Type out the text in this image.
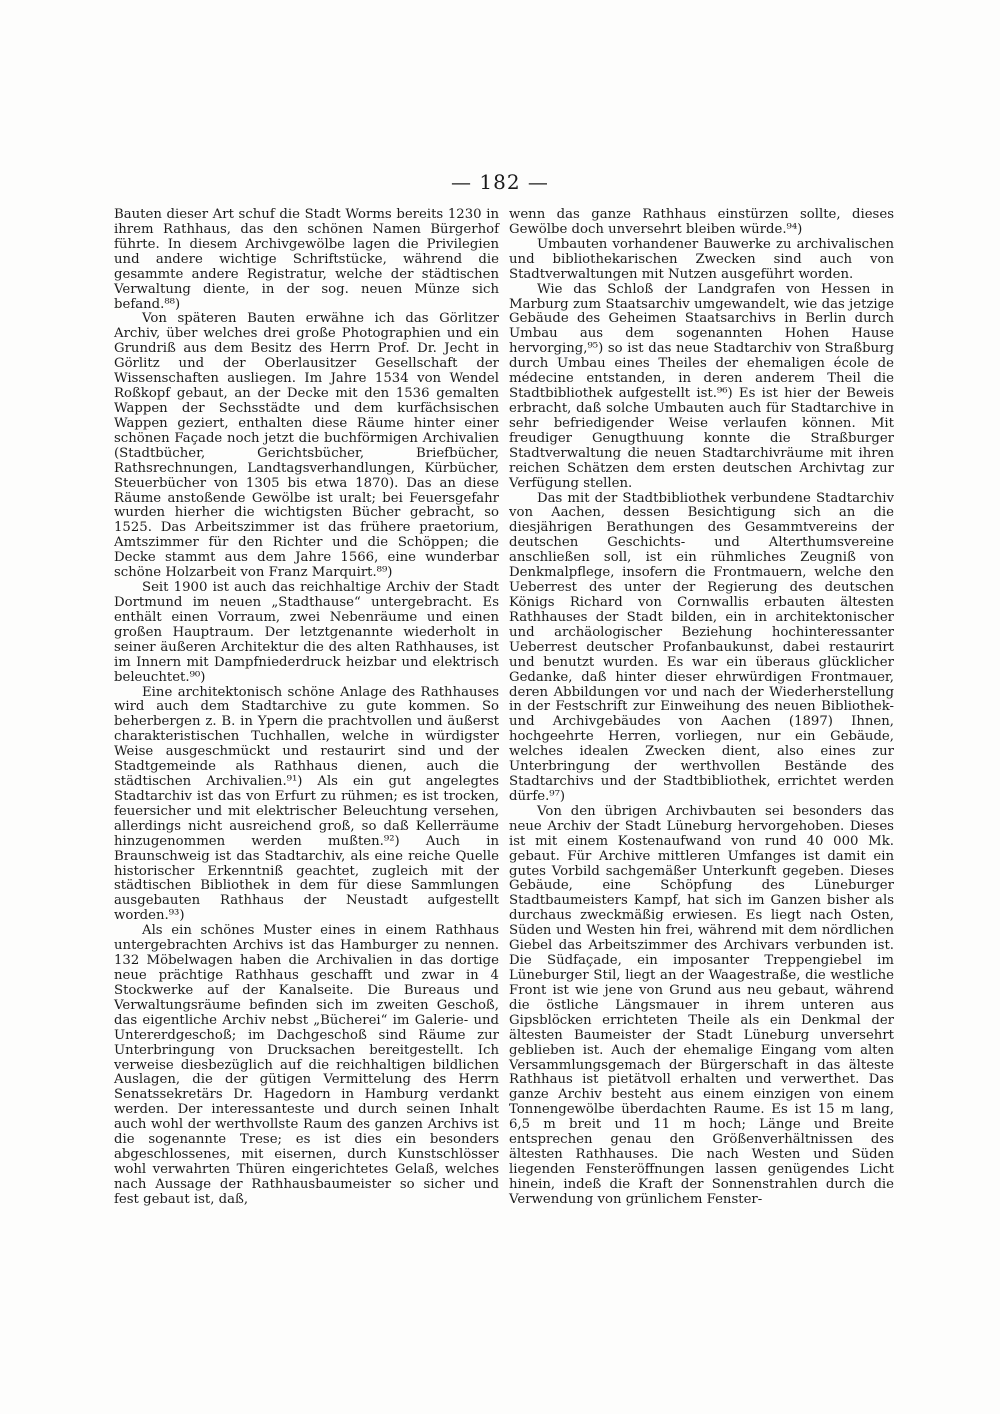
— 182 —

Bauten dieser Art schuf die Stadt Worms bereits 1230 in ihrem Rathhaus, das den schönen Namen Bürgerhof führte. In diesem Archivgewölbe lagen die Privilegien und andere wichtige Schriftstücke, während die gesammte andere Registratur, welche der städtischen Verwaltung diente, in der sog. neuen Münze sich befand.⁸⁸)

Von späteren Bauten erwähne ich das Görlitzer Archiv, über welches drei große Photographien und ein Grundriß aus dem Besitz des Herrn Prof. Dr. Jecht in Görlitz und der Oberlausitzer Gesellschaft der Wissenschaften ausliegen. Im Jahre 1534 von Wendel Roßkopf gebaut, an der Decke mit den 1536 gemalten Wappen der Sechsstädte und dem kurfächsischen Wappen geziert, enthalten diese Räume hinter einer schönen Façade noch jetzt die buchförmigen Archivalien (Stadtbücher, Gerichtsbücher, Briefbücher, Rathsrechnungen, Landtagsverhandlungen, Kürbücher, Steuerbücher von 1305 bis etwa 1870). Das an diese Räume anstoßende Gewölbe ist uralt; bei Feuersgefahr wurden hierher die wichtigsten Bücher gebracht, so 1525. Das Arbeitszimmer ist das frühere praetorium, Amtszimmer für den Richter und die Schöppen; die Decke stammt aus dem Jahre 1566, eine wunderbar schöne Holzarbeit von Franz Marquirt.⁸⁹)

Seit 1900 ist auch das reichhaltige Archiv der Stadt Dortmund im neuen „Stadthause“ untergebracht. Es enthält einen Vorraum, zwei Nebenräume und einen großen Hauptraum. Der letztgenannte wiederholt in seiner äußeren Architektur die des alten Rathhauses, ist im Innern mit Dampfniederdruck heizbar und elektrisch beleuchtet.⁹⁰)

Eine architektonisch schöne Anlage des Rathhauses wird auch dem Stadtarchive zu gute kommen. So beherbergen z. B. in Ypern die prachtvollen und äußerst charakteristischen Tuchhallen, welche in würdigster Weise ausgeschmückt und restaurirt sind und der Stadtgemeinde als Rathhaus dienen, auch die städtischen Archivalien.⁹¹) Als ein gut angelegtes Stadtarchiv ist das von Erfurt zu rühmen; es ist trocken, feuersicher und mit elektrischer Beleuchtung versehen, allerdings nicht ausreichend groß, so daß Kellerräume hinzugenommen werden mußten.⁹²) Auch in Braunschweig ist das Stadtarchiv, als eine reiche Quelle historischer Erkenntniß geachtet, zugleich mit der städtischen Bibliothek in dem für diese Sammlungen ausgebauten Rathhaus der Neustadt aufgestellt worden.⁹³)

Als ein schönes Muster eines in einem Rathhaus untergebrachten Archivs ist das Hamburger zu nennen. 132 Möbelwagen haben die Archivalien in das dortige neue prächtige Rathhaus geschafft und zwar in 4 Stockwerke auf der Kanalseite. Die Bureaus und Verwaltungsräume befinden sich im zweiten Geschoß, das eigentliche Archiv nebst „Bücherei“ im Galerie- und Untererdgeschoß; im Dachgeschoß sind Räume zur Unterbringung von Drucksachen bereitgestellt. Ich verweise diesbezüglich auf die reichhaltigen bildlichen Auslagen, die der gütigen Vermittelung des Herrn Senatssekretärs Dr. Hagedorn in Hamburg verdankt werden. Der interessanteste und durch seinen Inhalt auch wohl der werthvollste Raum des ganzen Archivs ist die sogenannte Trese; es ist dies ein besonders abgeschlossenes, mit eisernen, durch Kunstschlösser wohl verwahrten Thüren eingerichtetes Gelaß, welches nach Aussage der Rathhausbaumeister so sicher und fest gebaut ist, daß,

wenn das ganze Rathhaus einstürzen sollte, dieses Gewölbe doch unversehrt bleiben würde.⁹⁴)

Umbauten vorhandener Bauwerke zu archivalischen und bibliothekarischen Zwecken sind auch von Stadtverwaltungen mit Nutzen ausgeführt worden.

Wie das Schloß der Landgrafen von Hessen in Marburg zum Staatsarchiv umgewandelt, wie das jetzige Gebäude des Geheimen Staatsarchivs in Berlin durch Umbau aus dem sogenannten Hohen Hause hervorging,⁹⁵) so ist das neue Stadtarchiv von Straßburg durch Umbau eines Theiles der ehemaligen école de médecine entstanden, in deren anderem Theil die Stadtbibliothek aufgestellt ist.⁹⁶) Es ist hier der Beweis erbracht, daß solche Umbauten auch für Stadtarchive in sehr befriedigender Weise verlaufen können. Mit freudiger Genugthuung konnte die Straßburger Stadtverwaltung die neuen Stadtarchivräume mit ihren reichen Schätzen dem ersten deutschen Archivtag zur Verfügung stellen.

Das mit der Stadtbibliothek verbundene Stadtarchiv von Aachen, dessen Besichtigung sich an die diesjährigen Berathungen des Gesammtvereins der deutschen Geschichts- und Alterthumsvereine anschließen soll, ist ein rühmliches Zeugniß von Denkmalpflege, insofern die Frontmauern, welche den Ueberrest des unter der Regierung des deutschen Königs Richard von Cornwallis erbauten ältesten Rathhauses der Stadt bilden, ein in architektonischer und archäologischer Beziehung hochinteressanter Ueberrest deutscher Profanbaukunst, dabei restaurirt und benutzt wurden. Es war ein überaus glücklicher Gedanke, daß hinter dieser ehrwürdigen Frontmauer, deren Abbildungen vor und nach der Wiederherstellung in der Festschrift zur Einweihung des neuen Bibliothek- und Archivgebäudes von Aachen (1897) Ihnen, hochgeehrte Herren, vorliegen, nur ein Gebäude, welches idealen Zwecken dient, also eines zur Unterbringung der werthvollen Bestände des Stadtarchivs und der Stadtbibliothek, errichtet werden dürfe.⁹⁷)

Von den übrigen Archivbauten sei besonders das neue Archiv der Stadt Lüneburg hervorgehoben. Dieses ist mit einem Kostenaufwand von rund 40 000 Mk. gebaut. Für Archive mittleren Umfanges ist damit ein gutes Vorbild sachgemäßer Unterkunft gegeben. Dieses Gebäude, eine Schöpfung des Lüneburger Stadtbaumeisters Kampf, hat sich im Ganzen bisher als durchaus zweckmäßig erwiesen. Es liegt nach Osten, Süden und Westen hin frei, während mit dem nördlichen Giebel das Arbeitszimmer des Archivars verbunden ist. Die Südfaçade, ein imposanter Treppengiebel im Lüneburger Stil, liegt an der Waagestraße, die westliche Front ist wie jene von Grund aus neu gebaut, während die östliche Längsmauer in ihrem unteren aus Gipsblöcken errichteten Theile als ein Denkmal der ältesten Baumeister der Stadt Lüneburg unversehrt geblieben ist. Auch der ehemalige Eingang vom alten Versammlungsgemach der Bürgerschaft in das älteste Rathhaus ist pietätvoll erhalten und verwerthet. Das ganze Archiv besteht aus einem einzigen von einem Tonnengewölbe überdachten Raume. Es ist 15 m lang, 6,5 m breit und 11 m hoch; Länge und Breite entsprechen genau den Größenverhältnissen des ältesten Rathhauses. Die nach Westen und Süden liegenden Fensteröffnungen lassen genügendes Licht hinein, indeß die Kraft der Sonnenstrahlen durch die Verwendung von grünlichem Fenster-
